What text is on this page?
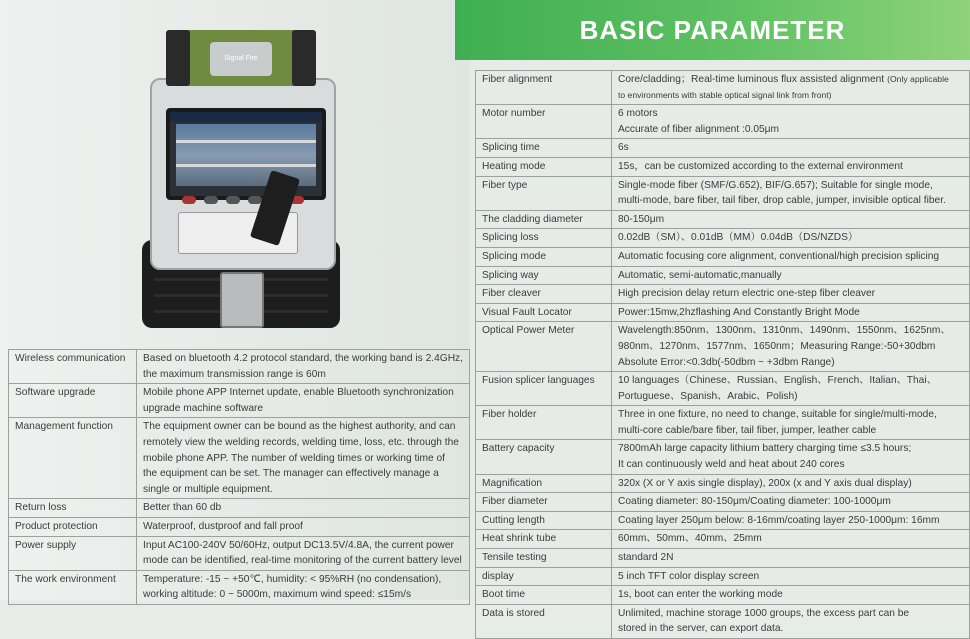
BASIC PARAMETER
Signal Fire
Wireless communication	Based on bluetooth 4.2 protocol standard, the working band is 2.4GHz,
the maximum transmission range is 60m

Software upgrade	Mobile phone APP Internet update, enable Bluetooth synchronization
upgrade machine software

Management function	The equipment owner can be bound as the highest authority, and can
remotely view the welding records, welding time, loss, etc. through the
mobile phone APP. The number of welding times or working time of
the equipment can be set. The manager can effectively manage a
single or multiple equipment.

Return loss	Better than 60 db

Product protection	Waterproof, dustproof and fall proof

Power supply	Input AC100-240V 50/60Hz, output DC13.5V/4.8A, the current power
mode can be identified, real-time monitoring of the current battery level

The work environment	Temperature: -15 ~ +50℃, humidity: < 95%RH (no condensation),
working altitude: 0 ~ 5000m, maximum wind speed: ≤15m/s
Fiber alignment	Core/cladding；Real-time luminous flux assisted alignment (Only applicable
to environments with stable optical signal link from front)

Motor number	6 motors
Accurate of fiber alignment :0.05μm

Splicing time	6s

Heating mode	15s，can be customized according to the external environment

Fiber type	Single-mode fiber (SMF/G.652), BIF/G.657); Suitable for single mode,
multi-mode, bare fiber, tail fiber, drop cable, jumper, invisible optical fiber.

The cladding diameter	80-150μm

Splicing loss	0.02dB（SM）、0.01dB（MM）0.04dB（DS/NZDS）

Splicing mode	Automatic focusing core alignment, conventional/high precision splicing

Splicing way	Automatic, semi-automatic,manually

Fiber cleaver	High precision delay return electric one-step fiber cleaver

Visual Fault Locator	Power:15mw,2hzflashing And Constantly Bright Mode

Optical Power Meter	Wavelength:850nm、1300nm、1310nm、1490nm、1550nm、1625nm、
980nm、1270nm、1577nm、1650nm；Measuring Range:-50+30dbm
Absolute Error:<0.3db(-50dbm ~ +3dbm Range)

Fusion splicer languages	10 languages（Chinese、Russian、English、French、Italian、Thai、
Portuguese、Spanish、Arabic、Polish)

Fiber holder	Three in one fixture, no need to change, suitable for single/multi-mode,
multi-core cable/bare fiber, tail fiber, jumper, leather cable

Battery capacity	7800mAh large capacity lithium battery charging time ≤3.5 hours;
It can continuously weld and heat about 240 cores

Magnification	320x (X or Y axis single display), 200x (x and Y axis dual display)

Fiber diameter	Coating diameter: 80-150μm/Coating diameter: 100-1000μm

Cutting length	Coating layer 250μm below: 8-16mm/coating layer 250-1000μm: 16mm

Heat shrink tube	60mm、50mm、40mm、25mm

Tensile testing	standard 2N

display	5 inch TFT color display screen

Boot time	1s, boot can enter the working mode

Data is stored	Unlimited, machine storage 1000 groups, the excess part can be
stored in the server, can export data.
